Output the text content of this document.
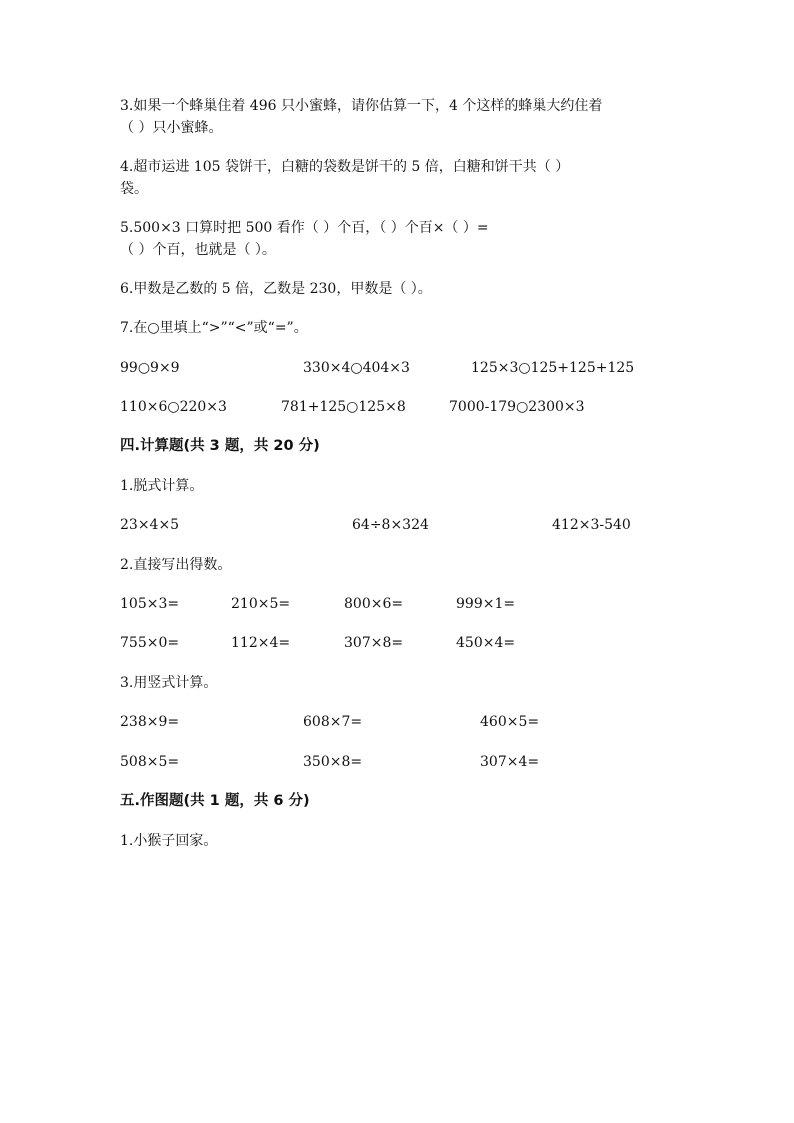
3.如果一个蜂巢住着 496 只小蜜蜂，请你估算一下，4 个这样的蜂巢大约住着
（ ）只小蜜蜂。
4.超市运进 105 袋饼干，白糖的袋数是饼干的 5 倍，白糖和饼干共（ ）
袋。
5.500×3 口算时把 500 看作（ ）个百，（ ）个百×（ ）=
（ ）个百，也就是（ ）。
6.甲数是乙数的 5 倍，乙数是 230，甲数是（ ）。
7.在○里填上“>”“<”或“=”。
99○9×9	330×4○404×3	125×3○125+125+125
110×6○220×3	781+125○125×8	7000-179○2300×3
四.计算题(共 3 题，共 20 分)
1.脱式计算。
23×4×5	64÷8×324	412×3-540
2.直接写出得数。
105×3=	210×5=	800×6=	999×1=
755×0=	112×4=	307×8=	450×4=
3.用竖式计算。
238×9=	608×7=	460×5=
508×5=	350×8=	307×4=
五.作图题(共 1 题，共 6 分)
1.小猴子回家。
